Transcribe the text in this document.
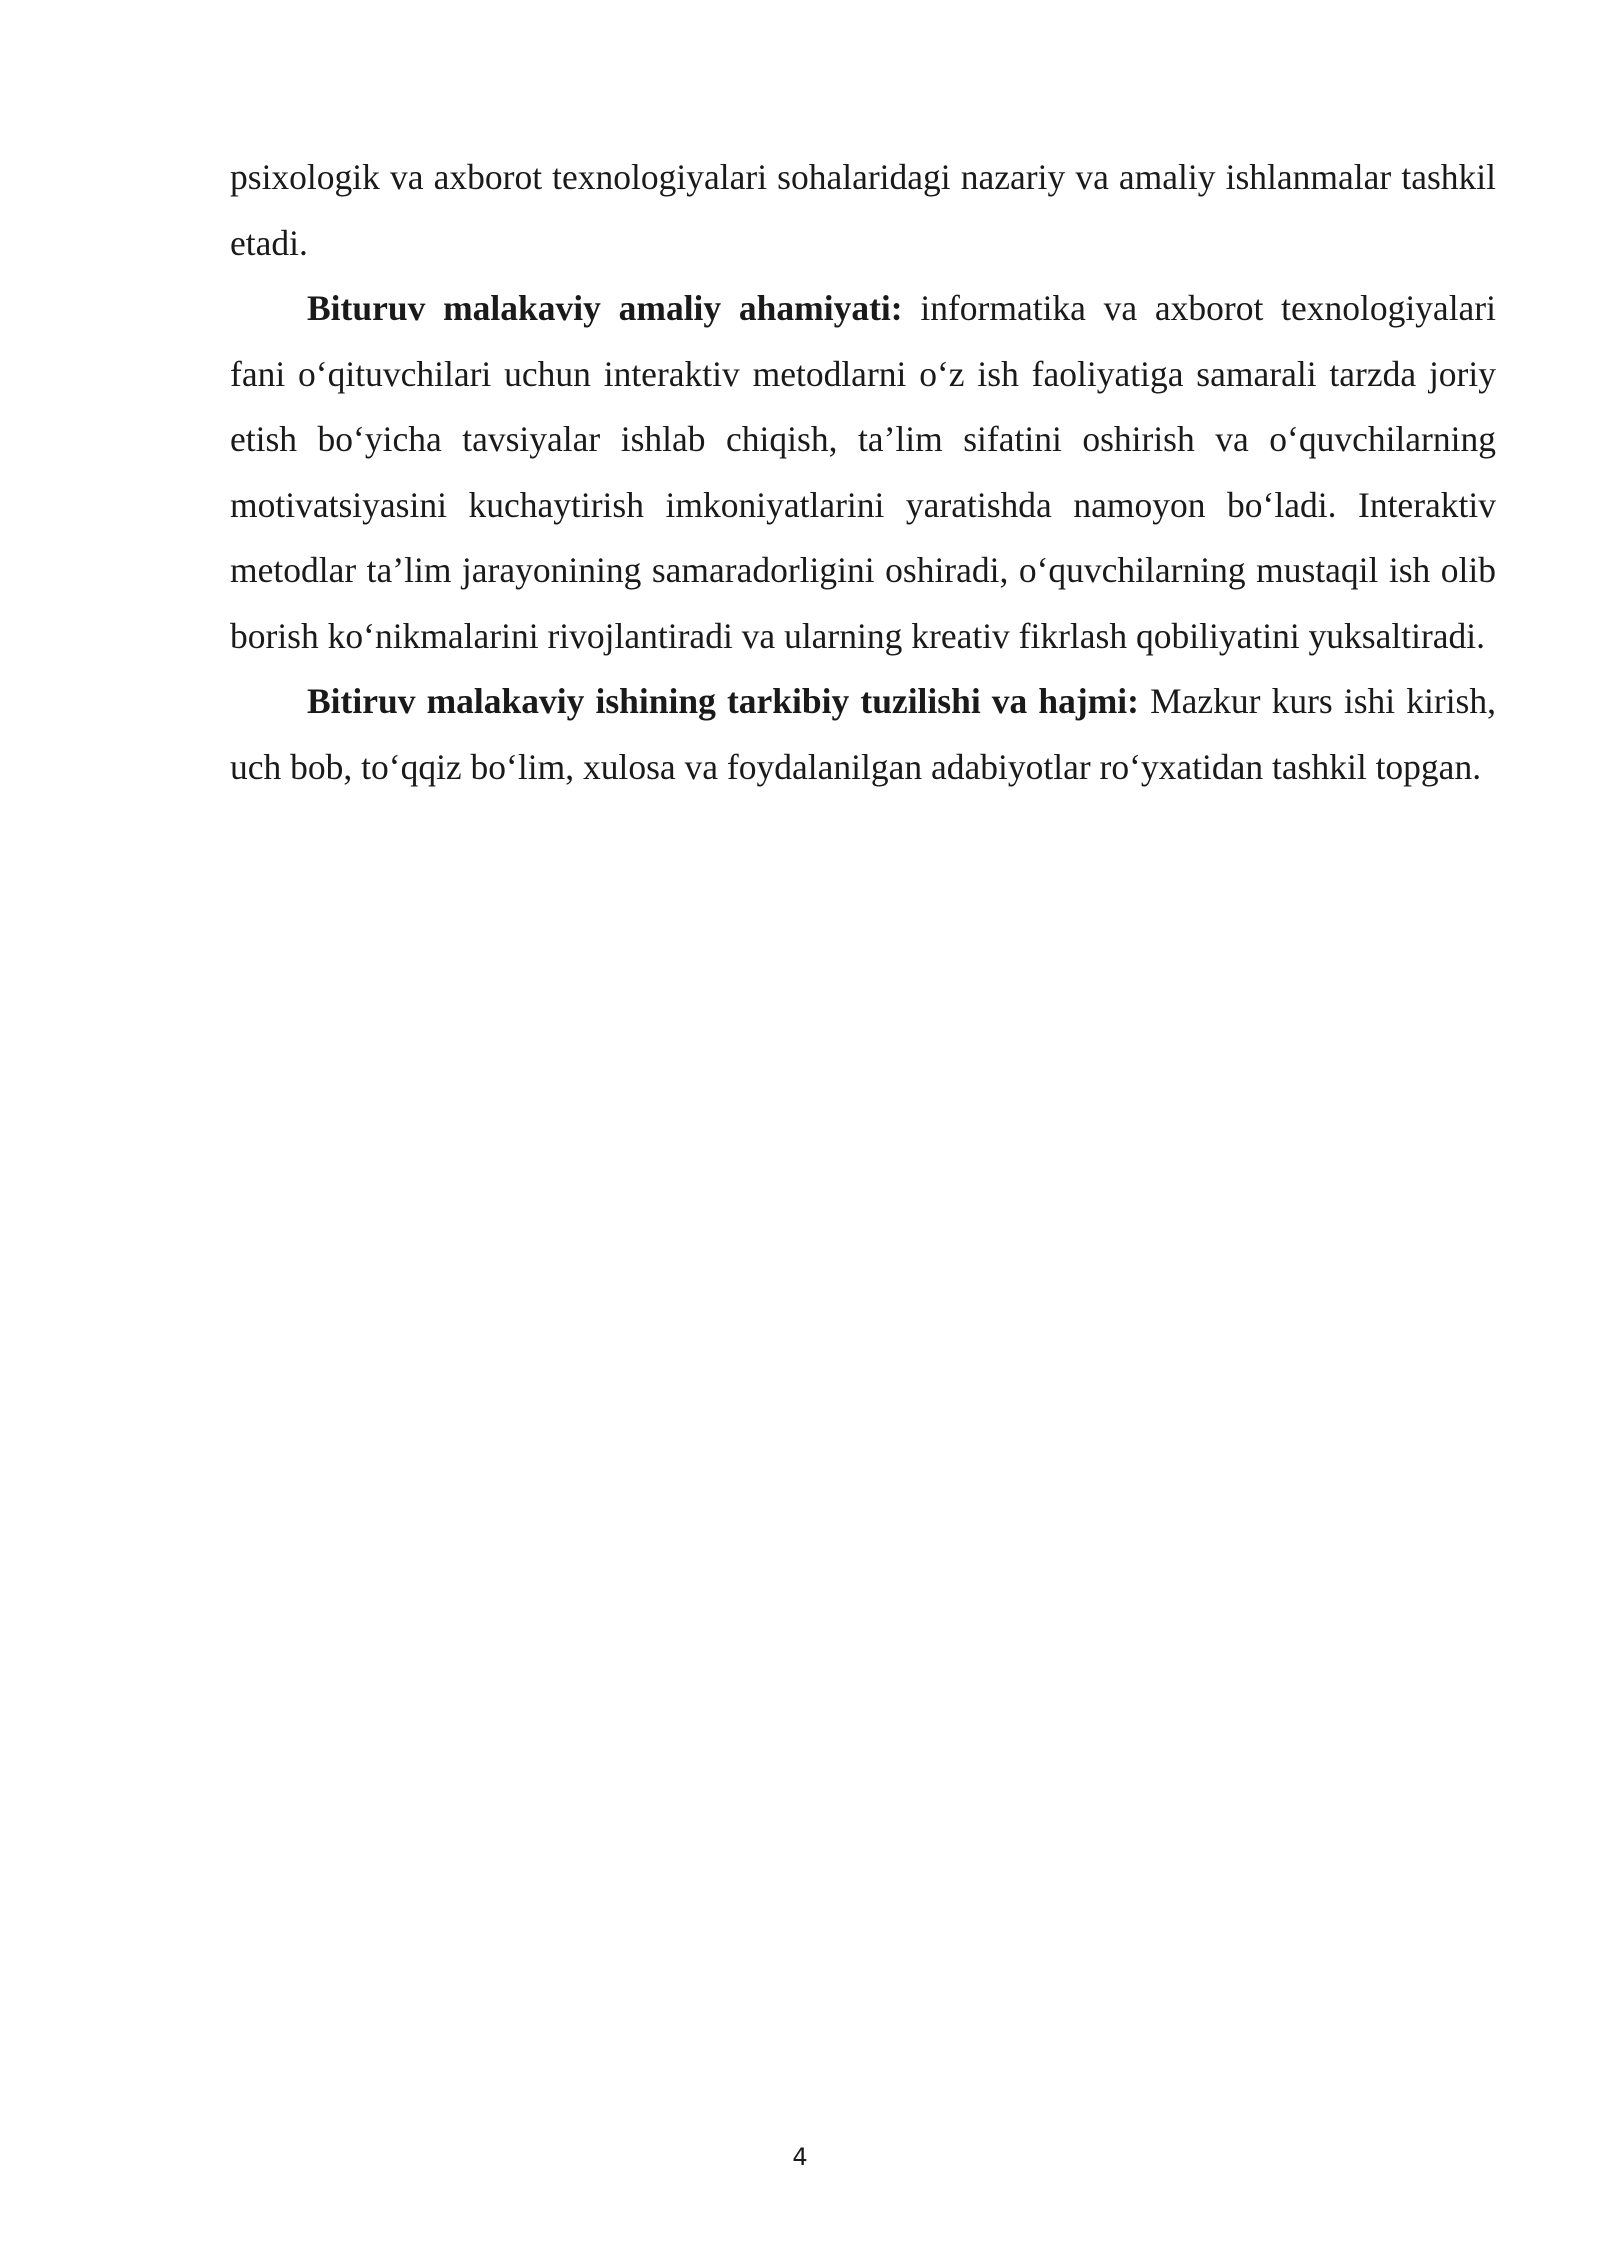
psixologik va axborot texnologiyalari sohalaridagi nazariy va amaliy ishlanmalar tashkil etadi.

Bituruv malakaviy amaliy ahamiyati: informatika va axborot texnologiyalari fani o‘qituvchilari uchun interaktiv metodlarni o‘z ish faoliyatiga samarali tarzda joriy etish bo‘yicha tavsiyalar ishlab chiqish, ta’lim sifatini oshirish va o‘quvchilarning motivatsiyasini kuchaytirish imkoniyatlarini yaratishda namoyon bo‘ladi. Interaktiv metodlar ta’lim jarayonining samaradorligini oshiradi, o‘quvchilarning mustaqil ish olib borish ko‘nikmalarini rivojlantiradi va ularning kreativ fikrlash qobiliyatini yuksaltiradi.

Bitiruv malakaviy ishining tarkibiy tuzilishi va hajmi: Mazkur kurs ishi kirish, uch bob, to‘qqiz bo‘lim, xulosa va foydalanilgan adabiyotlar ro‘yxatidan tashkil topgan.

4
